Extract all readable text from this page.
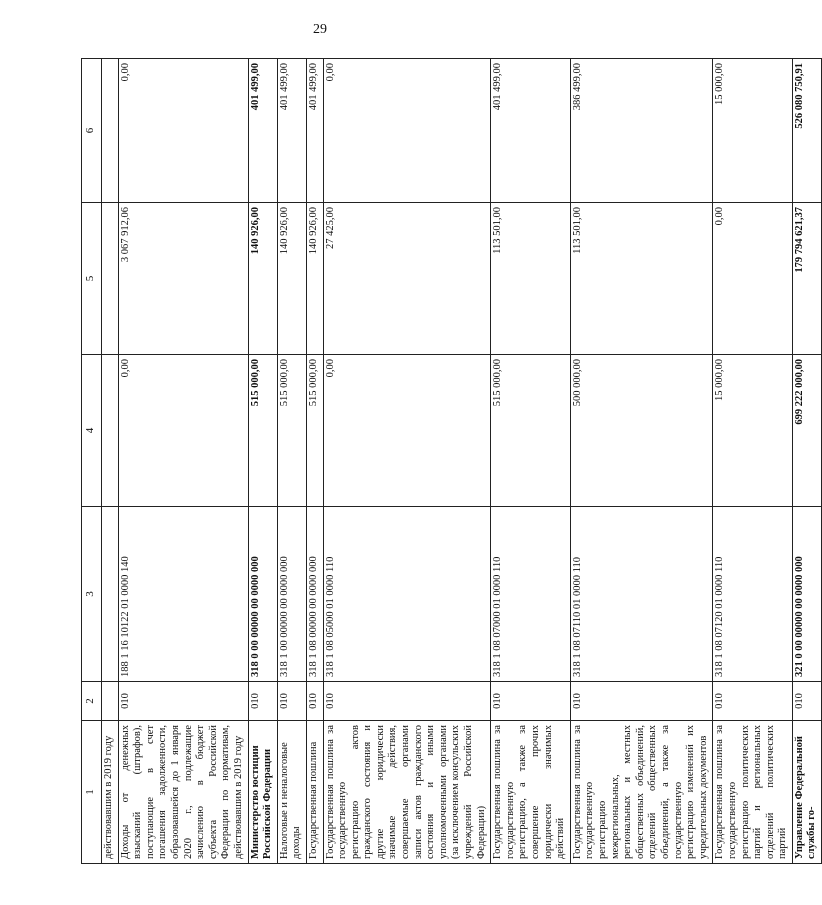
29
1	2	3	4	5	6
действовавшим в 2019 году					
Доходы от денежных взысканий (штрафов), поступающие в счет погашения задолженности, образовавшейся до 1 января 2020 г., подлежащие зачислению в бюджет субъекта Российской Федерации по нормативам, действовавшим в 2019 году	010	188 1 16 10122 01 0000 140	0,00	3 067 912,06	0,00
Министерство юстиции Российской Федерации	010	318 0 00 00000 00 0000 000	515 000,00	140 926,00	401 499,00
Налоговые и неналоговые доходы	010	318 1 00 00000 00 0000 000	515 000,00	140 926,00	401 499,00
Государственная пошлина	010	318 1 08 00000 00 0000 000	515 000,00	140 926,00	401 499,00
Государственная пошлина за государственную регистрацию актов гражданского состояния и другие юридически значимые действия, совершаемые органами записи актов гражданского состояния и иными уполномоченными органами (за исключением консульских учреждений Российской Федерации)	010	318 1 08 05000 01 0000 110	0,00	27 425,00	0,00
Государственная пошлина за государственную регистрацию, а также за совершение прочих юридически значимых действий	010	318 1 08 07000 01 0000 110	515 000,00	113 501,00	401 499,00
Государственная пошлина за государственную регистрацию межрегиональных, региональных и местных общественных объединений, отделений общественных объединений, а также за государственную регистрацию изменений их учредительных документов	010	318 1 08 07110 01 0000 110	500 000,00	113 501,00	386 499,00
Государственная пошлина за государственную регистрацию политических партий и региональных отделений политических партий	010	318 1 08 07120 01 0000 110	15 000,00	0,00	15 000,00
Управление Федеральной службы го-	010	321 0 00 00000 00 0000 000	699 222 000,00	179 794 621,37	526 080 750,91
